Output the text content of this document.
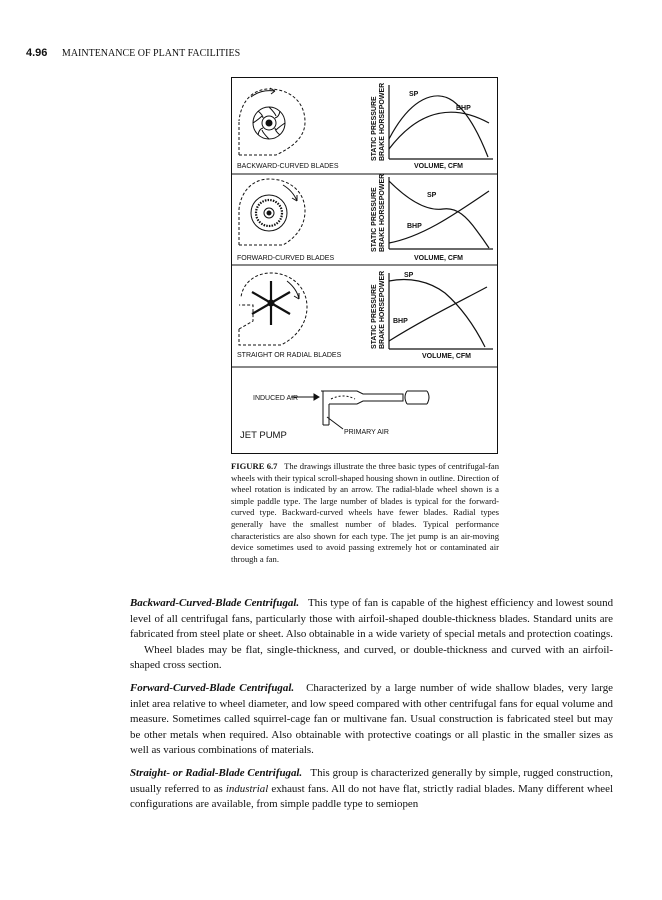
4.96 MAINTENANCE OF PLANT FACILITIES
BACKWARD-CURVED BLADES
STATIC PRESSURE BRAKE HORSEPOWER	SP
BHP
VOLUME, CFM
FORWARD-CURVED BLADES
STATIC PRESSURE BRAKE HORSEPOWER	SP
BHP
VOLUME, CFM
STRAIGHT OR RADIAL BLADES
STATIC PRESSURE BRAKE HORSEPOWER	SP
BHP
VOLUME, CFM
INDUCED AIR
PRIMARY AIR
JET PUMP
FIGURE 6.7 The drawings illustrate the three basic types of centrifugal-fan wheels with their typical scroll-shaped housing shown in outline. Direction of wheel rotation is indicated by an arrow. The radial-blade wheel shown is a simple paddle type. The large number of blades is typical for the forward-curved type. Backward-curved wheels have fewer blades. Radial types generally have the smallest number of blades. Typical performance characteristics are also shown for each type. The jet pump is an air-moving device sometimes used to avoid passing extremely hot or contaminated air through a fan.

Backward-Curved-Blade Centrifugal. This type of fan is capable of the highest efficiency and lowest sound level of all centrifugal fans, particularly those with airfoil-shaped double-thickness blades. Standard units are fabricated from steel plate or sheet. Also obtainable in a wide variety of special metals and protection coatings.

Wheel blades may be flat, single-thickness, and curved, or double-thickness and curved with an airfoil-shaped cross section.

Forward-Curved-Blade Centrifugal. Characterized by a large number of wide shallow blades, very large inlet area relative to wheel diameter, and low speed compared with other centrifugal fans for equal volume and measure. Sometimes called squirrel-cage fan or multivane fan. Usual construction is fabricated steel but may be other metals when required. Also obtainable with protective coatings or all plastic in the smaller sizes as well as various combinations of materials.

Straight- or Radial-Blade Centrifugal. This group is characterized generally by simple, rugged construction, usually referred to as industrial exhaust fans. All do not have flat, strictly radial blades. Many different wheel configurations are available, from simple paddle type to semiopen
